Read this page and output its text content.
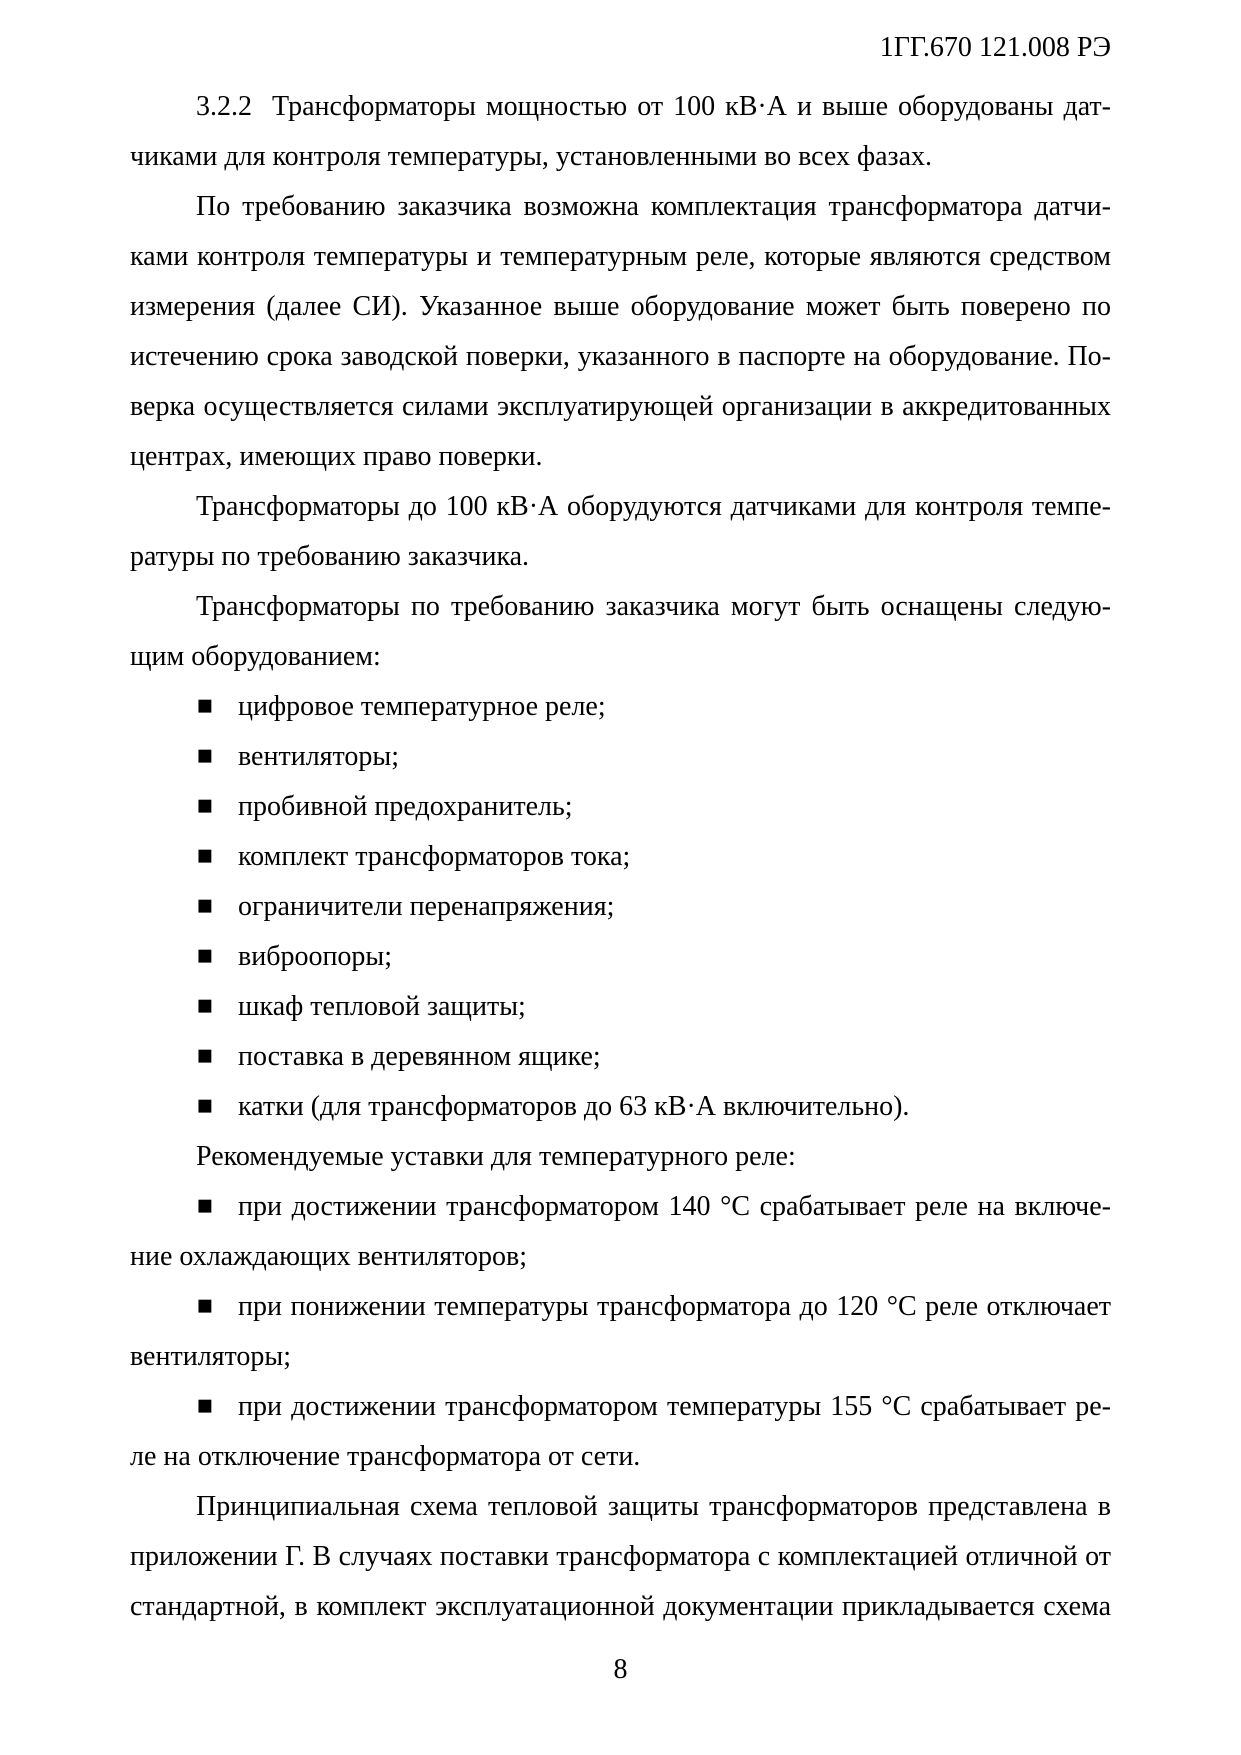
1ГГ.670 121.008 РЭ
3.2.2  Трансформаторы мощностью от 100 кВ·А и выше оборудованы дат-
чиками для контроля температуры, установленными во всех фазах.
По требованию заказчика возможна комплектация трансформатора датчи-
ками контроля температуры и температурным реле, которые являются средством
измерения (далее СИ). Указанное выше оборудование может быть поверено по
истечению срока заводской поверки, указанного в паспорте на оборудование. По-
верка осуществляется силами эксплуатирующей организации в аккредитованных
центрах, имеющих право поверки.
Трансформаторы до 100 кВ·А оборудуются датчиками для контроля темпе-
ратуры по требованию заказчика.
Трансформаторы по требованию заказчика могут быть оснащены следую-
щим оборудованием:
▪ цифровое температурное реле;
▪ вентиляторы;
▪ пробивной предохранитель;
▪ комплект трансформаторов тока;
▪ ограничители перенапряжения;
▪ виброопоры;
▪ шкаф тепловой защиты;
▪ поставка в деревянном ящике;
▪ катки (для трансформаторов до 63 кВ·А включительно).
Рекомендуемые уставки для температурного реле:
▪ при достижении трансформатором 140 °С срабатывает реле на включе-
ние охлаждающих вентиляторов;
▪ при понижении температуры трансформатора до 120 °С реле отключает
вентиляторы;
▪ при достижении трансформатором температуры 155 °С срабатывает ре-
ле на отключение трансформатора от сети.
Принципиальная схема тепловой защиты трансформаторов представлена в
приложении Г. В случаях поставки трансформатора с комплектацией отличной от
стандартной, в комплект эксплуатационной документации прикладывается схема
8
